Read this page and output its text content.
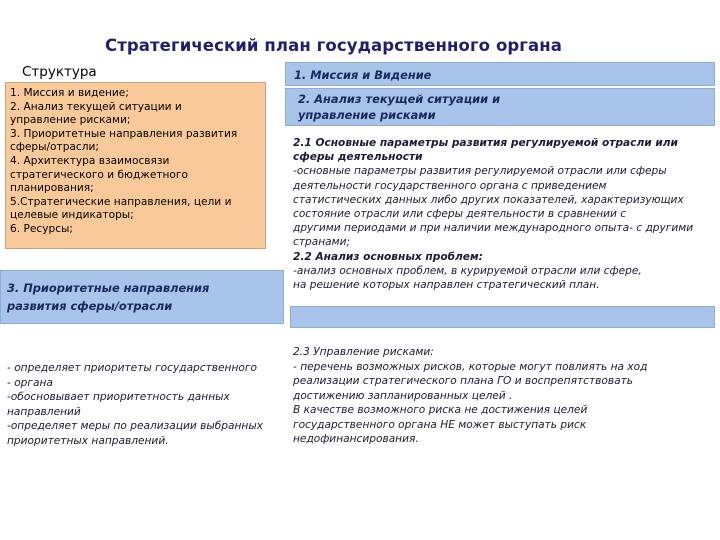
Стратегический план государственного органа
Структура
1. Миссия и видение;
2. Анализ текущей ситуации и
управление рисками;
3. Приоритетные направления развития
сферы/отрасли;
4. Архитектура взаимосвязи
стратегического и бюджетного
планирования;
5.Стратегические направления, цели и
целевые индикаторы;
6. Ресурсы;
1. Миссия и Видение
2. Анализ текущей ситуации и
управление рисками
2.1 Основные параметры развития регулируемой отрасли или
сферы деятельности
-основные параметры развития регулируемой отрасли или сферы
деятельности государственного органа с приведением
статистических данных либо других показателей, характеризующих
состояние отрасли или сферы деятельности в сравнении с
другими периодами и при наличии международного опыта- с другими
странами;
2.2 Анализ основных проблем:
-анализ основных проблем, в курируемой отрасли или сфере,
на решение которых направлен стратегический план.
3. Приоритетные направления
развития сферы/отрасли
2.3 Управление рисками:
- перечень возможных рисков, которые могут повлиять на ход
реализации стратегического плана ГО и воспрепятствовать
достижению запланированных целей .
В качестве возможного риска не достижения целей
государственного органа НЕ может выступать риск
недофинансирования.
- определяет приоритеты государственного
- органа
-обосновывает приоритетность данных
направлений
-определяет меры по реализации выбранных
приоритетных направлений.
